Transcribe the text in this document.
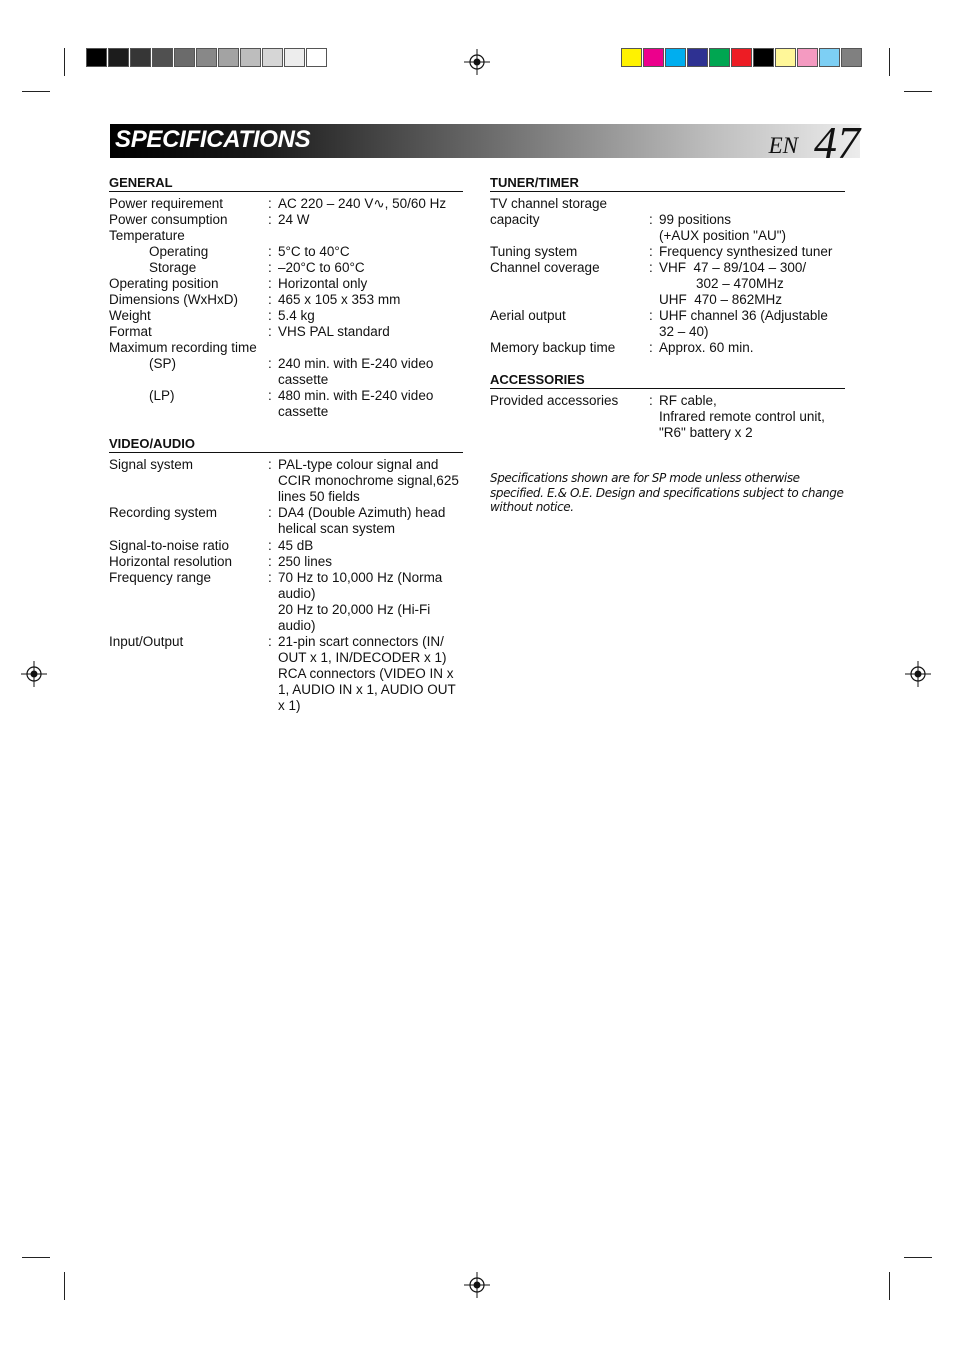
SPECIFICATIONS	EN 47
GENERAL
Power requirement	: AC 220 – 240 V∿, 50/60 Hz
Power consumption	: 24 W
Temperature
Operating	: 5°C to 40°C
Storage	: –20°C to 60°C
Operating position	: Horizontal only
Dimensions (WxHxD)	: 465 x 105 x 353 mm
Weight	: 5.4 kg
Format	: VHS PAL standard
Maximum recording time
(SP)	: 240 min. with E-240 video cassette
(LP)	: 480 min. with E-240 video cassette
VIDEO/AUDIO
Signal system	: PAL-type colour signal and CCIR monochrome signal,625 lines 50 fields
Recording system	: DA4 (Double Azimuth) head helical scan system
Signal-to-noise ratio	: 45 dB
Horizontal resolution	: 250 lines
Frequency range	: 70 Hz to 10,000 Hz (Norma audio)
20 Hz to 20,000 Hz (Hi-Fi audio)
Input/Output	: 21-pin scart connectors (IN/ OUT x 1, IN/DECODER x 1) RCA connectors (VIDEO IN x 1, AUDIO IN x 1, AUDIO OUT x 1)
TUNER/TIMER
TV channel storage capacity	: 99 positions
(+AUX position "AU")
Tuning system	: Frequency synthesized tuner
Channel coverage	: VHF  47 – 89/104 – 300/
302 – 470MHz
UHF  470 – 862MHz
Aerial output	: UHF channel 36 (Adjustable 32 – 40)
Memory backup time	: Approx. 60 min.
ACCESSORIES
Provided accessories	: RF cable,
Infrared remote control unit,
"R6" battery x 2
Specifications shown are for SP mode unless otherwise specified. E.& O.E. Design and specifications subject to change without notice.
